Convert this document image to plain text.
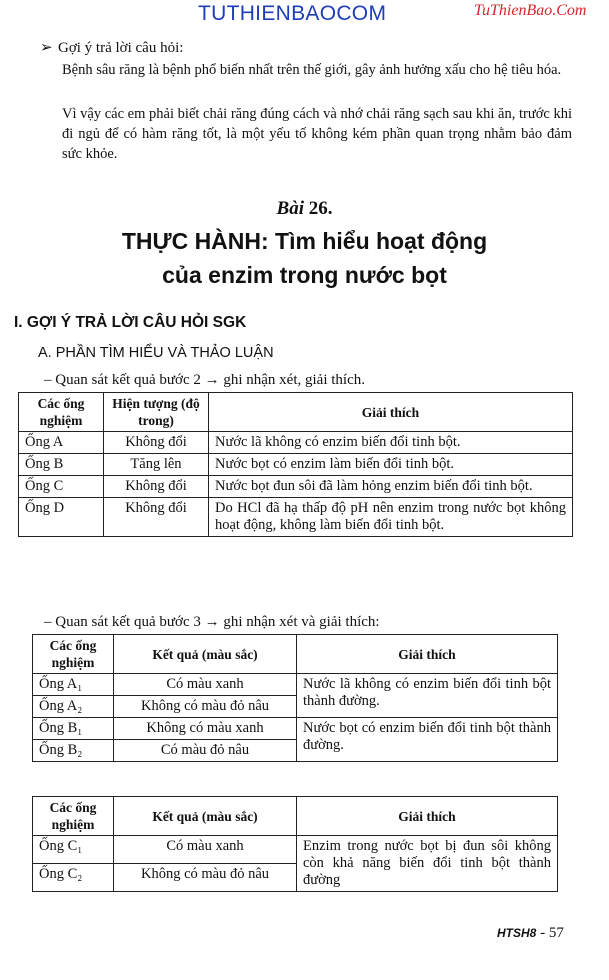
TUTHIENBAOCOM	TuThienBao.Com
➢ Gợi ý trả lời câu hỏi:
Bệnh sâu răng là bệnh phổ biến nhất trên thế giới, gây ảnh hưởng xấu cho hệ tiêu hóa.
Vì vậy các em phải biết chải răng đúng cách và nhớ chải răng sạch sau khi ăn, trước khi đi ngủ để có hàm răng tốt, là một yếu tố không kém phần quan trọng nhằm bảo đảm sức khỏe.
Bài 26.
THỰC HÀNH: Tìm hiểu hoạt động
của enzim trong nước bọt
I. GỢI Ý TRẢ LỜI CÂU HỎI SGK
A. PHẦN TÌM HIỂU VÀ THẢO LUẬN
– Quan sát kết quả bước 2 → ghi nhận xét, giải thích.
Các ống nghiệm	Hiện tượng (độ trong)	Giải thích
Ống A	Không đổi	Nước lã không có enzim biến đổi tinh bột.
Ống B	Tăng lên	Nước bọt có enzim làm biến đổi tinh bột.
Ống C	Không đổi	Nước bọt đun sôi đã làm hỏng enzim biến đổi tinh bột.
Ống D	Không đổi	Do HCl đã hạ thấp độ pH nên enzim trong nước bọt không hoạt động, không làm biến đổi tinh bột.
– Quan sát kết quả bước 3 → ghi nhận xét và giải thích:
Các ống nghiệm	Kết quả (màu sắc)	Giải thích
Ống A₁	Có màu xanh	Nước lã không có enzim biến đổi tinh bột thành đường.
Ống A₂	Không có màu đỏ nâu	
Ống B₁	Không có màu xanh	Nước bọt có enzim biến đổi tinh bột thành đường.
Ống B₂	Có màu đỏ nâu	
Các ống nghiệm	Kết quả (màu sắc)	Giải thích
Ống C₁	Có màu xanh	Enzim trong nước bọt bị đun sôi không còn khả năng biến đổi tinh bột thành đường
Ống C₂	Không có màu đỏ nâu	
HTSH8 - 57
